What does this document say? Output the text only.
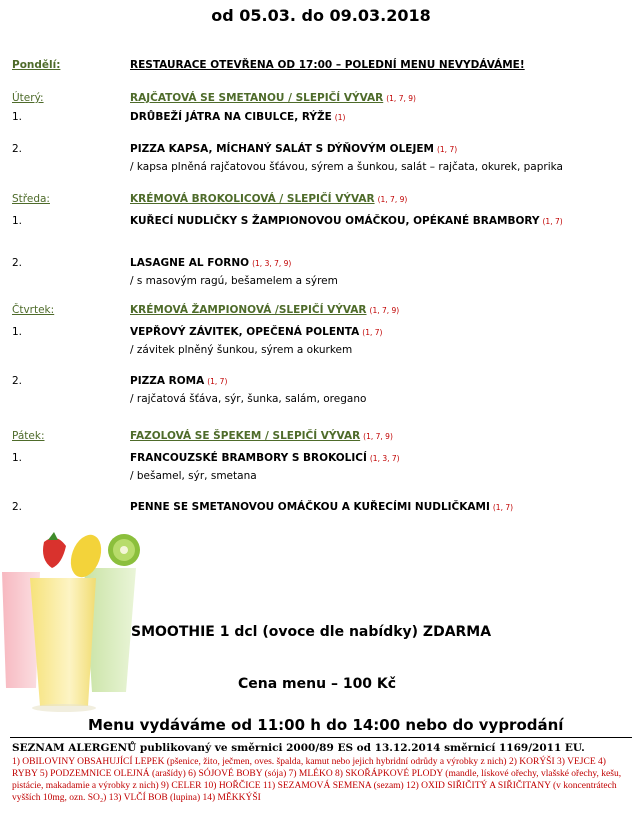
od 05.03. do 09.03.2018
Pondělí:	RESTAURACE OTEVŘENA OD 17:00 – POLEDNÍ MENU NEVYDÁVÁME!
Úterý:	RAJČATOVÁ SE SMETANOU / SLEPIČÍ VÝVAR (1, 7, 9)
1.	DRŮBEŽÍ JÁTRA NA CIBULCE, RÝŽE (1)
2.	PIZZA KAPSA, MÍCHANÝ SALÁT S DÝŇOVÝM OLEJEM (1, 7)
/ kapsa plněná rajčatovou šťávou, sýrem a šunkou, salát – rajčata, okurek, paprika
Středa:	KRÉMOVÁ BROKOLICOVÁ / SLEPIČÍ VÝVAR (1, 7, 9)
1.	KUŘECÍ NUDLIČKY S ŽAMPIONOVOU OMÁČKOU, OPÉKANÉ BRAMBORY (1, 7)
2.	LASAGNE AL FORNO (1, 3, 7, 9)
/ s masovým ragú, bešamelem a sýrem
Čtvrtek:	KRÉMOVÁ ŽAMPIONOVÁ /SLEPIČÍ VÝVAR (1, 7, 9)
1.	VEPŘOVÝ ZÁVITEK, OPEČENÁ POLENTA (1, 7)
/ závitek plněný šunkou, sýrem a okurkem
2.	PIZZA ROMA (1, 7)
/ rajčatová šťáva, sýr, šunka, salám, oregano
Pátek:	FAZOLOVÁ SE ŠPEKEM / SLEPIČÍ VÝVAR (1, 7, 9)
1.	FRANCOUZSKÉ BRAMBORY S BROKOLICÍ (1, 3, 7)
/ bešamel, sýr, smetana
2.	PENNE SE SMETANOVOU OMÁČKOU A KUŘECÍMI NUDLIČKAMI (1, 7)
SMOOTHIE 1 dcl (ovoce dle nabídky) ZDARMA
Cena menu – 100 Kč
Menu vydáváme od 11:00 h do 14:00 nebo do vyprodání
SEZNAM ALERGENŮ publikovaný ve směrnici 2000/89 ES od 13.12.2014 směrnicí 1169/2011 EU.
1) OBILOVINY OBSAHUJÍCÍ LEPEK (pšenice, žito, ječmen, oves. špalda, kamut nebo jejich hybridní odrůdy a výrobky z nich) 2) KORÝŠI 3) VEJCE 4) RYBY 5) PODZEMNICE OLEJNÁ (arašídy) 6) SÓJOVÉ BOBY (sója) 7) MLÉKO 8) SKOŘÁPKOVÉ PLODY (mandle, lískové ořechy, vlašské ořechy, kešu, pistácie, makadamie a výrobky z nich) 9) CELER 10) HOŘČICE 11) SEZAMOVÁ SEMENA (sezam) 12) OXID SIŘIČITÝ A SIŘIČITANY (v koncentrátech vyšších 10mg, ozn. SO₂) 13) VLČÍ BOB (lupina) 14) MĚKKÝŠI
